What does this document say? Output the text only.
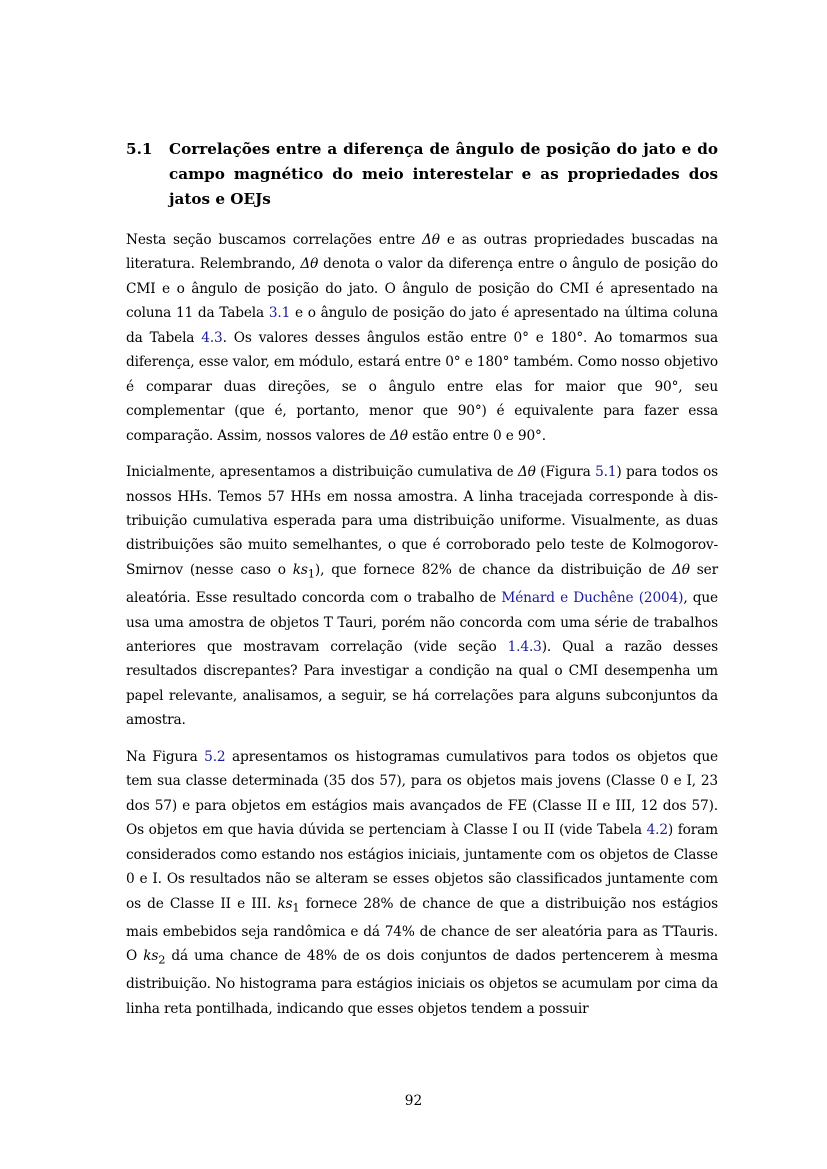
5.1	Correlações entre a diferença de ângulo de posição do jato e do campo magnético do meio interestelar e as propriedades dos jatos e OEJs

Nesta seção buscamos correlações entre Δθ e as outras propriedades buscadas na literatura. Relembrando, Δθ denota o valor da diferença entre o ângulo de posição do CMI e o ângulo de posição do jato. O ângulo de posição do CMI é apresentado na coluna 11 da Tabela 3.1 e o ângulo de posição do jato é apresentado na última coluna da Tabela 4.3. Os valores desses ângulos estão entre 0° e 180°. Ao tomarmos sua diferença, esse valor, em módulo, estará entre 0° e 180° também. Como nosso objetivo é comparar duas direções, se o ângulo entre elas for maior que 90°, seu complementar (que é, portanto, menor que 90°) é equivalente para fazer essa comparação. Assim, nossos valores de Δθ estão entre 0 e 90°.

Inicialmente, apresentamos a distribuição cumulativa de Δθ (Figura 5.1) para todos os nossos HHs. Temos 57 HHs em nossa amostra. A linha tracejada corresponde à distribuição cumulativa esperada para uma distribuição uniforme. Visualmente, as duas distribuições são muito semelhantes, o que é corroborado pelo teste de Kolmogorov-Smirnov (nesse caso o $ks_1$), que fornece 82% de chance da distribuição de Δθ ser aleatória. Esse resultado concorda com o trabalho de Ménard e Duchêne (2004), que usa uma amostra de objetos T Tauri, porém não concorda com uma série de trabalhos anteriores que mostravam correlação (vide seção 1.4.3). Qual a razão desses resultados discrepantes? Para investigar a condição na qual o CMI desempenha um papel relevante, analisamos, a seguir, se há correlações para alguns subconjuntos da amostra.

Na Figura 5.2 apresentamos os histogramas cumulativos para todos os objetos que tem sua classe determinada (35 dos 57), para os objetos mais jovens (Classe 0 e I, 23 dos 57) e para objetos em estágios mais avançados de FE (Classe II e III, 12 dos 57). Os objetos em que havia dúvida se pertenciam à Classe I ou II (vide Tabela 4.2) foram considerados como estando nos estágios iniciais, juntamente com os objetos de Classe 0 e I. Os resultados não se alteram se esses objetos são classificados juntamente com os de Classe II e III. $ks_1$ fornece 28% de chance de que a distribuição nos estágios mais embebidos seja randômica e dá 74% de chance de ser aleatória para as TTauris. O $ks_2$ dá uma chance de 48% de os dois conjuntos de dados pertencerem à mesma distribuição. No histograma para estágios iniciais os objetos se acumulam por cima da linha reta pontilhada, indicando que esses objetos tendem a possuir

92
